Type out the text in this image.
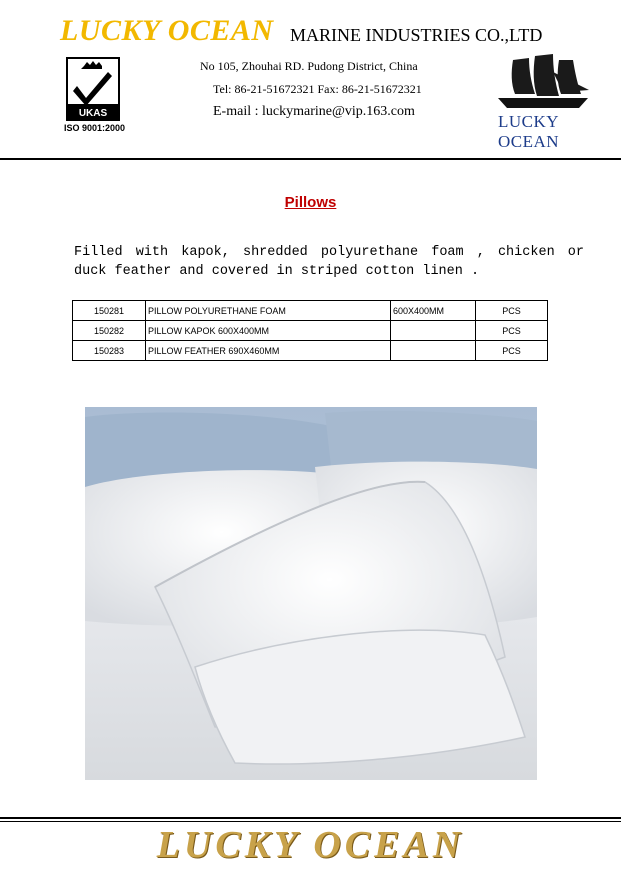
LUCKY OCEAN MARINE INDUSTRIES CO.,LTD
UKAS
ISO 9001:2000
No 105, Zhouhai RD. Pudong District, China
Tel: 86-21-51672321 Fax: 86-21-51672321
E-mail : luckymarine@vip.163.com
LUCKY OCEAN
Pillows
Filled with kapok, shredded polyurethane foam , chicken or duck feather and covered in striped cotton linen .
150281	PILLOW POLYURETHANE FOAM	600X400MM	PCS
150282	PILLOW KAPOK 600X400MM		PCS
150283	PILLOW FEATHER 690X460MM		PCS
LUCKY OCEAN
